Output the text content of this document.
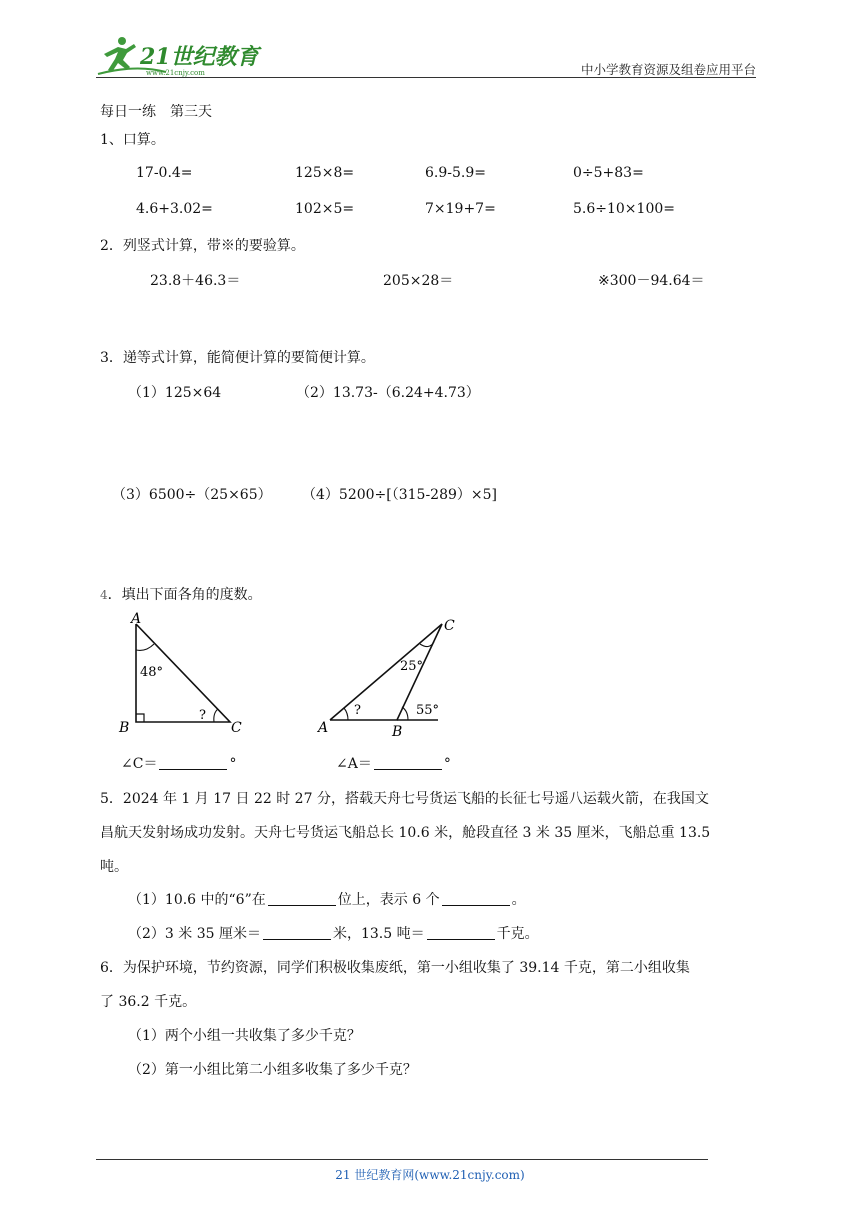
21世纪教育
www.21cnjy.com	中小学教育资源及组卷应用平台
每日一练　第三天
1、口算。
17-0.4=	125×8=	6.9-5.9=	0÷5+83=
4.6+3.02=	102×5=	7×19+7=	5.6÷10×100=
2．列竖式计算，带※的要验算。
23.8＋46.3＝	205×28＝	※300－94.64＝
3．递等式计算，能简便计算的要简便计算。
（1）125×64	（2）13.73-（6.24+4.73）
（3）6500÷（25×65） （4）5200÷[（315-289）×5]
4．填出下面各角的度数。
A
B	C
48°
?
C
A	B
25°
55°
?
∠C＝	°	∠A＝	°
5．2024 年 1 月 17 日 22 时 27 分，搭载天舟七号货运飞船的长征七号遥八运载火箭，在我国文
昌航天发射场成功发射。天舟七号货运飞船总长 10.6 米，舱段直径 3 米 35 厘米，飞船总重 13.5
吨。
（1）10.6 中的“6”在	位上，表示 6 个	。
（2）3 米 35 厘米＝	米，13.5 吨＝	千克。
6．为保护环境，节约资源，同学们积极收集废纸，第一小组收集了 39.14 千克，第二小组收集
了 36.2 千克。
（1）两个小组一共收集了多少千克？
（2）第一小组比第二小组多收集了多少千克？
21 世纪教育网(www.21cnjy.com)
